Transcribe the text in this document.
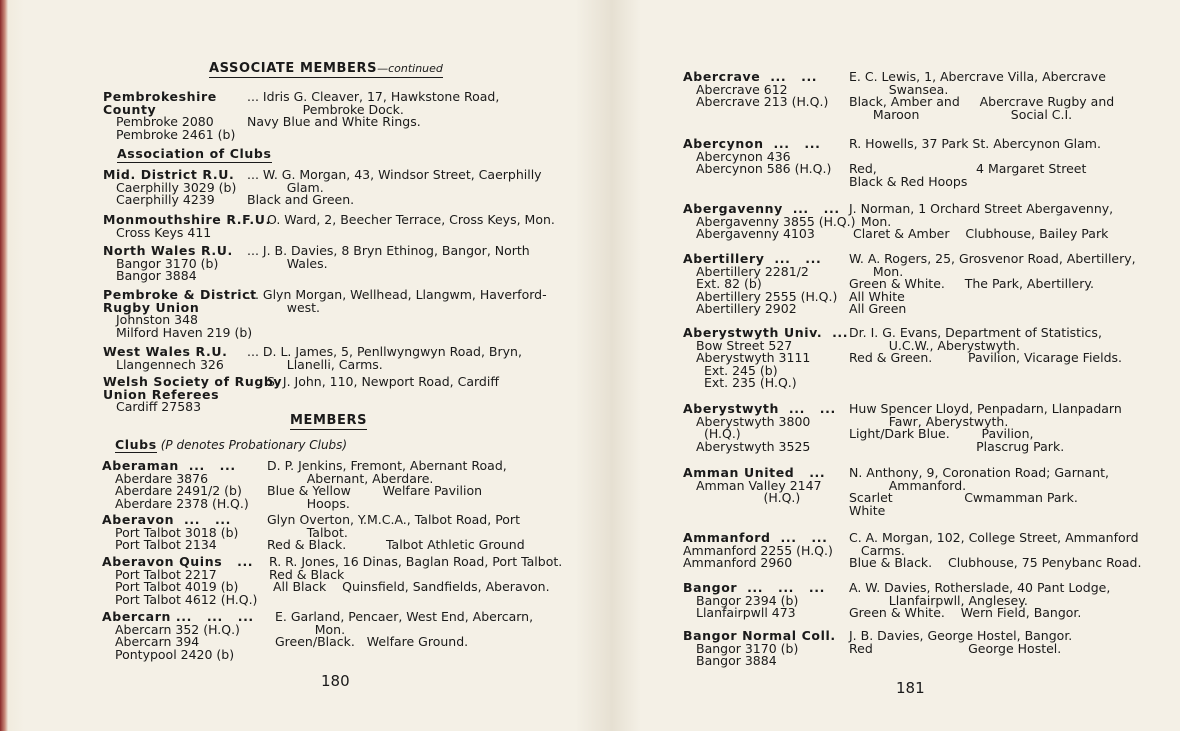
ASSOCIATE MEMBERS—continued
Pembrokeshire
County
Pembroke 2080
Pembroke 2461 (b)
... Idris G. Cleaver, 17, Hawkstone Road,
Pembroke Dock.
Navy Blue and White Rings.
Association of Clubs
Mid. District R.U.
Caerphilly 3029 (b)
Caerphilly 4239
... W. G. Morgan, 43, Windsor Street, Caerphilly
Glam.
Black and Green.
Monmouthshire R.F.U.
Cross Keys 411
O. Ward, 2, Beecher Terrace, Cross Keys, Mon.
North Wales R.U.
Bangor 3170 (b)
Bangor 3884
... J. B. Davies, 8 Bryn Ethinog, Bangor, North
Wales.
Pembroke & District
Rugby Union
Johnston 348
Milford Haven 219 (b)
... Glyn Morgan, Wellhead, Llangwm, Haverford-
west.
West Wales R.U.
Llangennech 326
... D. L. James, 5, Penllwyngwyn Road, Bryn,
Llanelli, Carms.
Welsh Society of Rugby
Union Referees
Cardiff 27583
S. J. John, 110, Newport Road, Cardiff
MEMBERS
Clubs (P denotes Probationary Clubs)
Aberaman  ...   ...
Aberdare 3876
Aberdare 2491/2 (b)
Aberdare 2378 (H.Q.)
D. P. Jenkins, Fremont, Abernant Road,
Abernant, Aberdare.
Blue & Yellow        Welfare Pavilion
Hoops.
Aberavon  ...   ...
Port Talbot 3018 (b)
Port Talbot 2134
Glyn Overton, Y.M.C.A., Talbot Road, Port
Talbot.
Red & Black.          Talbot Athletic Ground
Aberavon Quins   ...
Port Talbot 2217
Port Talbot 4019 (b)
Port Talbot 4612 (H.Q.)
R. R. Jones, 16 Dinas, Baglan Road, Port Talbot.
Red & Black
All Black    Quinsfield, Sandfields, Aberavon.
Abercarn ...   ...   ...
Abercarn 352 (H.Q.)
Abercarn 394
Pontypool 2420 (b)
E. Garland, Pencaer, West End, Abercarn,
Mon.
Green/Black.   Welfare Ground.
180
Abercrave  ...   ...
Abercrave 612
Abercrave 213 (H.Q.)
E. C. Lewis, 1, Abercrave Villa, Abercrave
Swansea.
Black, Amber and     Abercrave Rugby and
Maroon                       Social C.I.
Abercynon  ...   ...
Abercynon 436
Abercynon 586 (H.Q.)
R. Howells, 37 Park St. Abercynon Glam.

Red,                         4 Margaret Street
Black & Red Hoops
Abergavenny  ...   ...
Abergavenny 3855 (H.Q.)
Abergavenny 4103
J. Norman, 1 Orchard Street Abergavenny,
Mon.
Claret & Amber    Clubhouse, Bailey Park
Abertillery  ...   ...
Abertillery 2281/2
Ext. 82 (b)
Abertillery 2555 (H.Q.)
Abertillery 2902
W. A. Rogers, 25, Grosvenor Road, Abertillery,
Mon.
Green & White.     The Park, Abertillery.
All White
All Green
Aberystwyth Univ.  ...
Bow Street 527
Aberystwyth 3111
Ext. 245 (b)
Ext. 235 (H.Q.)
Dr. I. G. Evans, Department of Statistics,
U.C.W., Aberystwyth.
Red & Green.         Pavilion, Vicarage Fields.
Aberystwyth  ...   ...
Aberystwyth 3800
(H.Q.)
Aberystwyth 3525
Huw Spencer Lloyd, Penpadarn, Llanpadarn
Fawr, Aberystwyth.
Light/Dark Blue.        Pavilion,
Plascrug Park.
Amman United   ...
Amman Valley 2147
(H.Q.)
N. Anthony, 9, Coronation Road; Garnant,
Ammanford.
Scarlet                  Cwmamman Park.
White
Ammanford  ...   ...
Ammanford 2255 (H.Q.)
Ammanford 2960
C. A. Morgan, 102, College Street, Ammanford
Carms.
Blue & Black.    Clubhouse, 75 Penybanc Road.
Bangor  ...   ...   ...
Bangor 2394 (b)
Llanfairpwll 473
A. W. Davies, Rotherslade, 40 Pant Lodge,
Llanfairpwll, Anglesey.
Green & White.    Wern Field, Bangor.
Bangor Normal Coll.
Bangor 3170 (b)
Bangor 3884
J. B. Davies, George Hostel, Bangor.
Red                        George Hostel.
181
